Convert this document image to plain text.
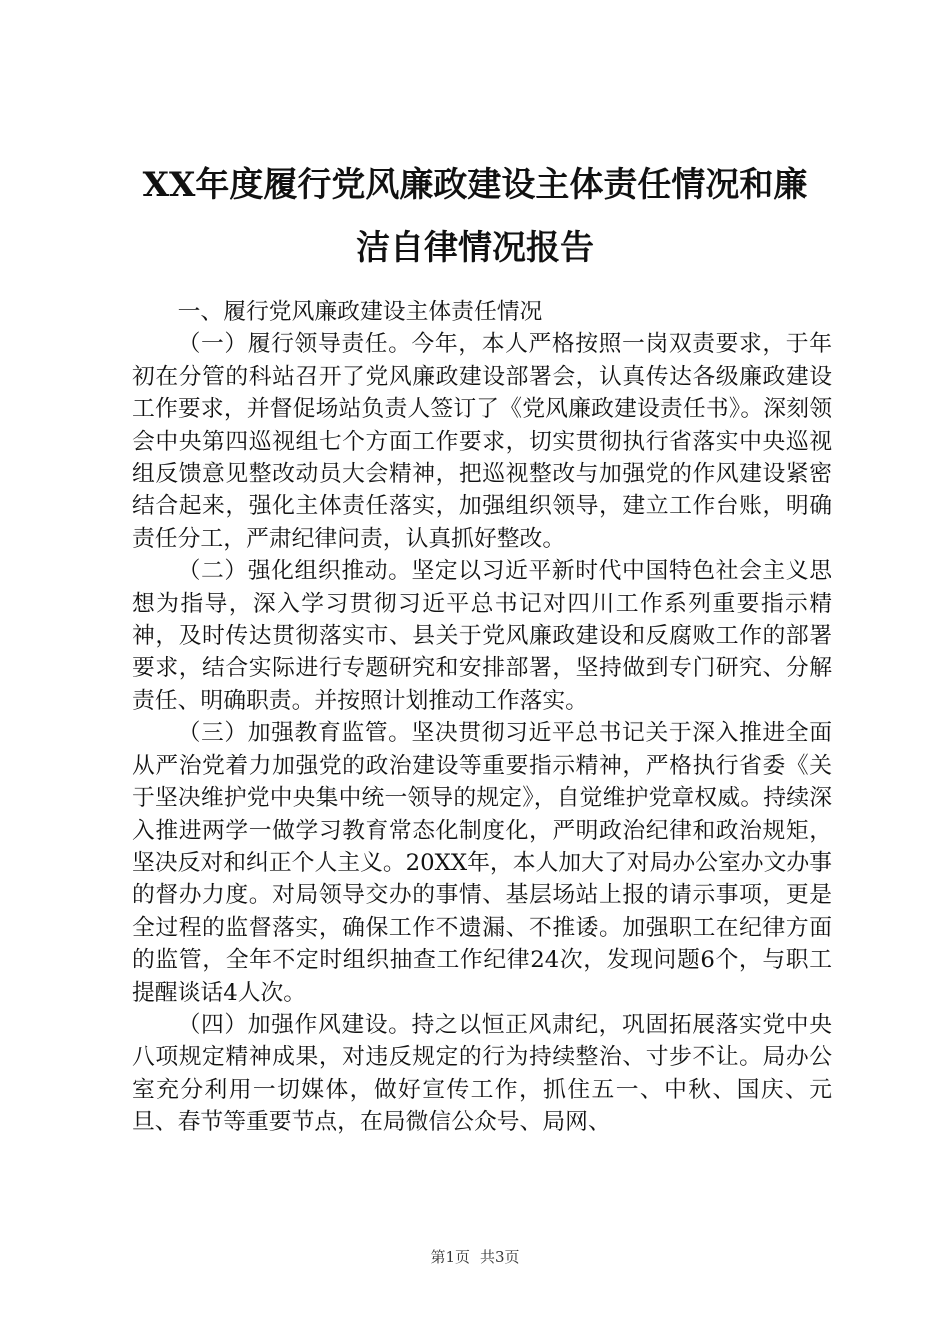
XX年度履行党风廉政建设主体责任情况和廉
洁自律情况报告

一、履行党风廉政建设主体责任情况

（一）履行领导责任。今年，本人严格按照一岗双责要求，于年初在分管的科站召开了党风廉政建设部署会，认真传达各级廉政建设工作要求，并督促场站负责人签订了《党风廉政建设责任书》。深刻领会中央第四巡视组七个方面工作要求，切实贯彻执行省落实中央巡视组反馈意见整改动员大会精神，把巡视整改与加强党的作风建设紧密结合起来，强化主体责任落实，加强组织领导，建立工作台账，明确责任分工，严肃纪律问责，认真抓好整改。

（二）强化组织推动。坚定以习近平新时代中国特色社会主义思想为指导，深入学习贯彻习近平总书记对四川工作系列重要指示精神，及时传达贯彻落实市、县关于党风廉政建设和反腐败工作的部署要求，结合实际进行专题研究和安排部署，坚持做到专门研究、分解责任、明确职责。并按照计划推动工作落实。

（三）加强教育监管。坚决贯彻习近平总书记关于深入推进全面从严治党着力加强党的政治建设等重要指示精神，严格执行省委《关于坚决维护党中央集中统一领导的规定》，自觉维护党章权威。持续深入推进两学一做学习教育常态化制度化，严明政治纪律和政治规矩，坚决反对和纠正个人主义。20XX年，本人加大了对局办公室办文办事的督办力度。对局领导交办的事情、基层场站上报的请示事项，更是全过程的监督落实，确保工作不遗漏、不推诿。加强职工在纪律方面的监管，全年不定时组织抽查工作纪律24次，发现问题6个，与职工提醒谈话4人次。

（四）加强作风建设。持之以恒正风肃纪，巩固拓展落实党中央八项规定精神成果，对违反规定的行为持续整治、寸步不让。局办公室充分利用一切媒体，做好宣传工作，抓住五一、中秋、国庆、元旦、春节等重要节点，在局微信公众号、局网、

第1页 共3页
